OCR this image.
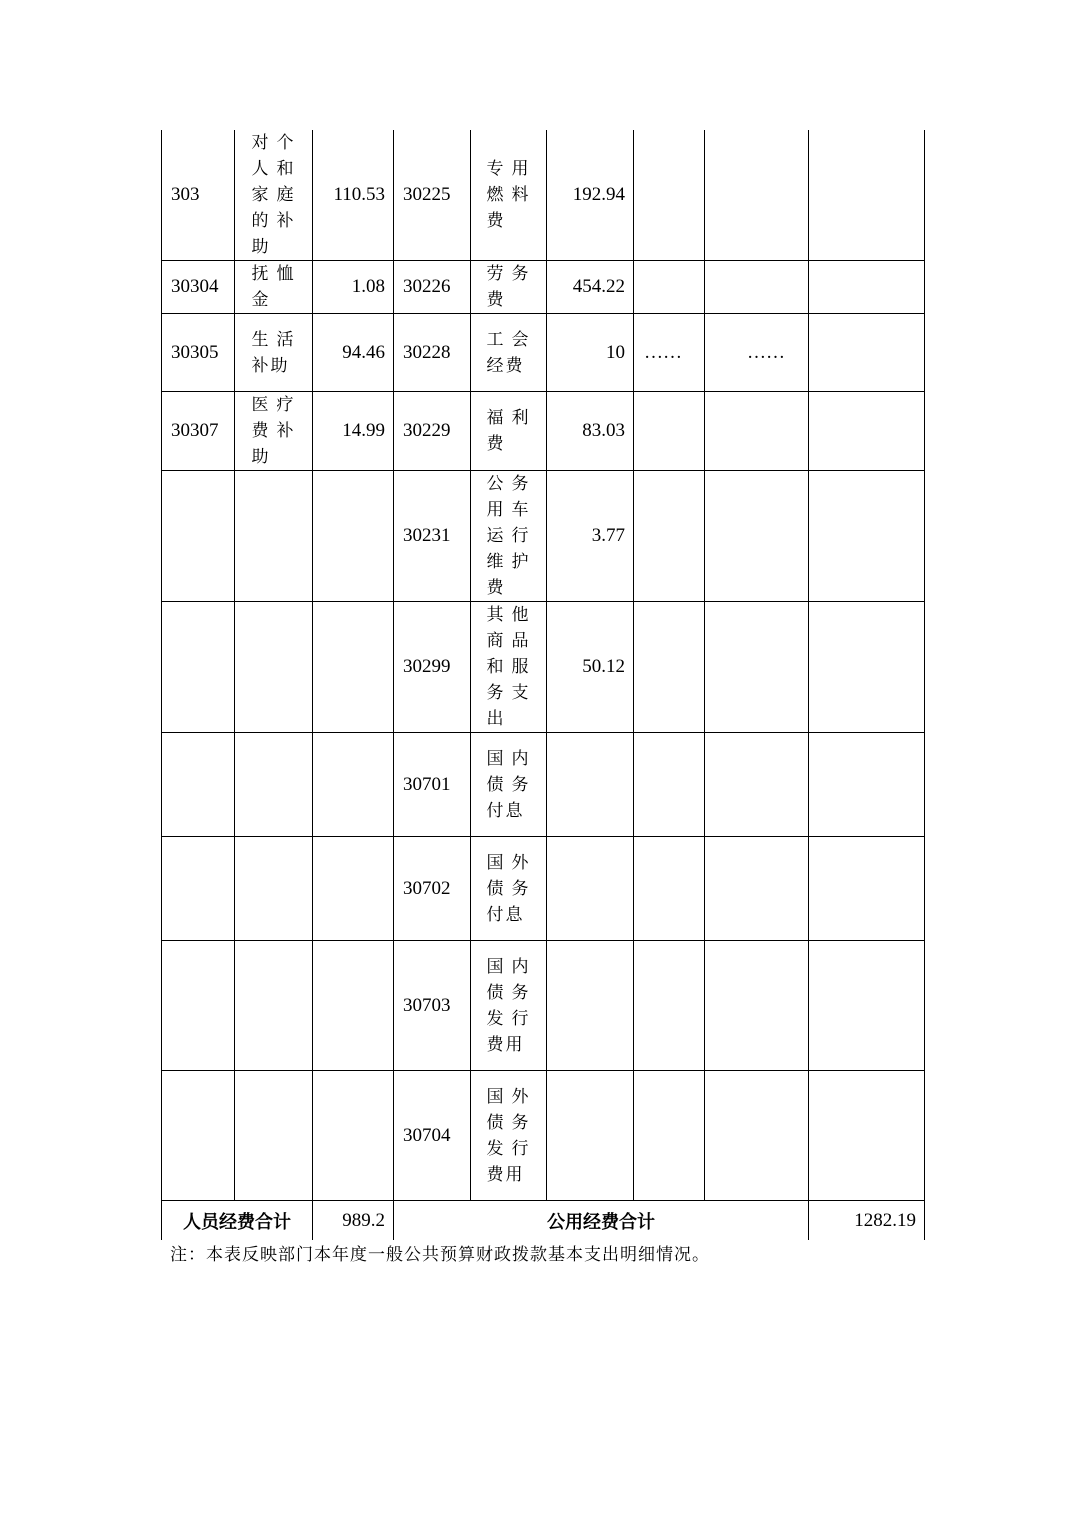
303	对个人和家庭的补助	110.53	30225	专用燃料费	192.94			
30304	抚恤金	1.08	30226	劳务费	454.22			
30305	生活补助	94.46	30228	工会经费	10	……	……	
30307	医疗费补助	14.99	30229	福利费	83.03			
			30231	公务用车运行维护费	3.77			
			30299	其他商品和服务支出	50.12			
			30701	国内债务付息				
			30702	国外债务付息				
			30703	国内债务发行费用				
			30704	国外债务发行费用				
人员经费合计		989.2	公用经费合计					1282.19
注：本表反映部门本年度一般公共预算财政拨款基本支出明细情况。
